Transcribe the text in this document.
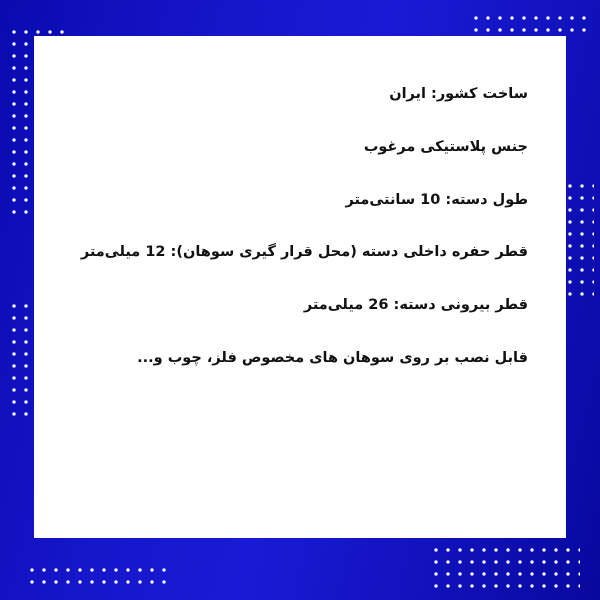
ساخت کشور: ایران

جنس پلاستیکی مرغوب

طول دسته: 10 سانتی‌متر

قطر حفره داخلی دسته (محل قرار گیری سوهان): 12 میلی‌متر

قطر بیرونی دسته: 26 میلی‌متر

قابل نصب بر روی سوهان های مخصوص فلز، چوب و...
